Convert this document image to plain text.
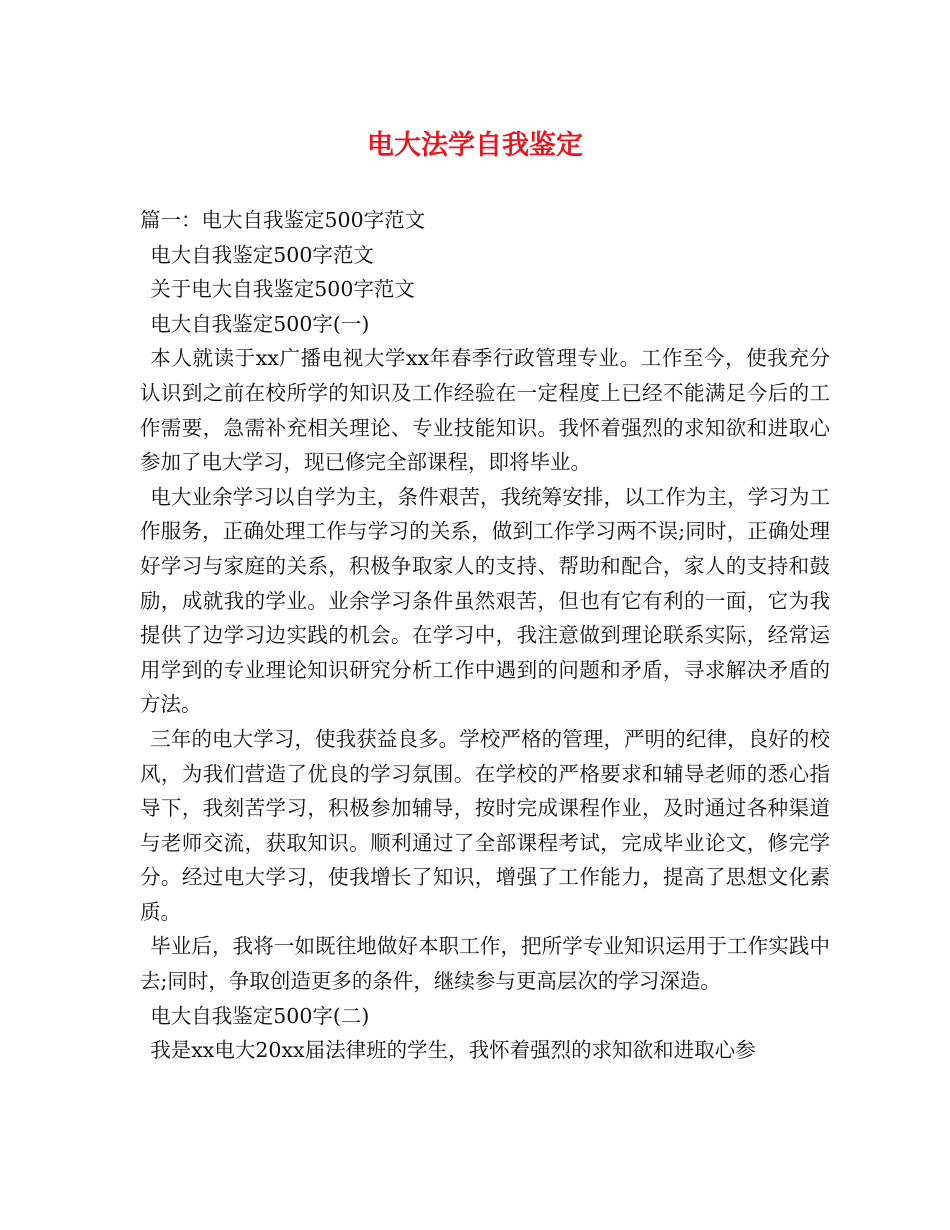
电大法学自我鉴定

篇一：电大自我鉴定500字范文

电大自我鉴定500字范文

关于电大自我鉴定500字范文

电大自我鉴定500字(一)

本人就读于xx广播电视大学xx年春季行政管理专业。工作至今，使我充分认识到之前在校所学的知识及工作经验在一定程度上已经不能满足今后的工作需要，急需补充相关理论、专业技能知识。我怀着强烈的求知欲和进取心参加了电大学习，现已修完全部课程，即将毕业。

电大业余学习以自学为主，条件艰苦，我统筹安排，以工作为主，学习为工作服务，正确处理工作与学习的关系，做到工作学习两不误;同时，正确处理好学习与家庭的关系，积极争取家人的支持、帮助和配合，家人的支持和鼓励，成就我的学业。业余学习条件虽然艰苦，但也有它有利的一面，它为我提供了边学习边实践的机会。在学习中，我注意做到理论联系实际，经常运用学到的专业理论知识研究分析工作中遇到的问题和矛盾，寻求解决矛盾的方法。

三年的电大学习，使我获益良多。学校严格的管理，严明的纪律，良好的校风，为我们营造了优良的学习氛围。在学校的严格要求和辅导老师的悉心指导下，我刻苦学习，积极参加辅导，按时完成课程作业，及时通过各种渠道与老师交流，获取知识。顺利通过了全部课程考试，完成毕业论文，修完学分。经过电大学习，使我增长了知识，增强了工作能力，提高了思想文化素质。

毕业后，我将一如既往地做好本职工作，把所学专业知识运用于工作实践中去;同时，争取创造更多的条件，继续参与更高层次的学习深造。

电大自我鉴定500字(二)

我是xx电大20xx届法律班的学生，我怀着强烈的求知欲和进取心参
